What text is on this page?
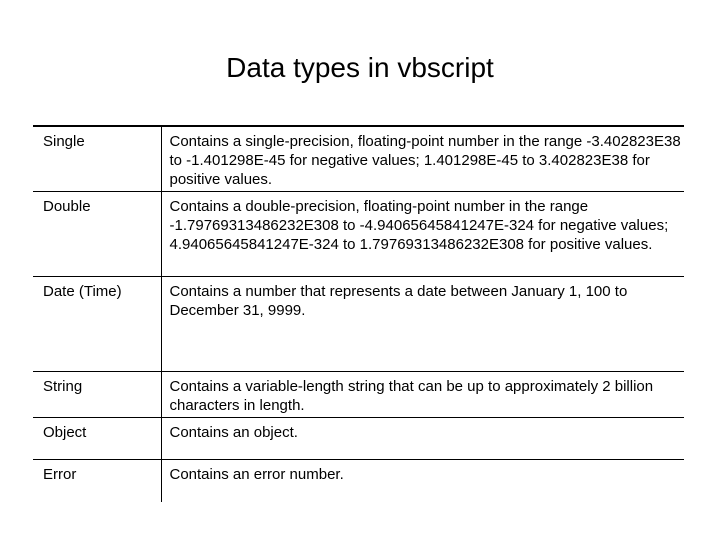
Data types in vbscript
Single	Contains a single-precision, floating-point number in the range -3.402823E38 to -1.401298E-45 for negative values; 1.401298E-45 to 3.402823E38 for positive values.
Double	Contains a double-precision, floating-point number in the range -1.79769313486232E308 to -4.94065645841247E-324 for negative values; 4.94065645841247E-324 to 1.79769313486232E308 for positive values.
Date (Time)	Contains a number that represents a date between January 1, 100 to December 31, 9999.
String	Contains a variable-length string that can be up to approximately 2 billion characters in length.
Object	Contains an object.
Error	Contains an error number.
